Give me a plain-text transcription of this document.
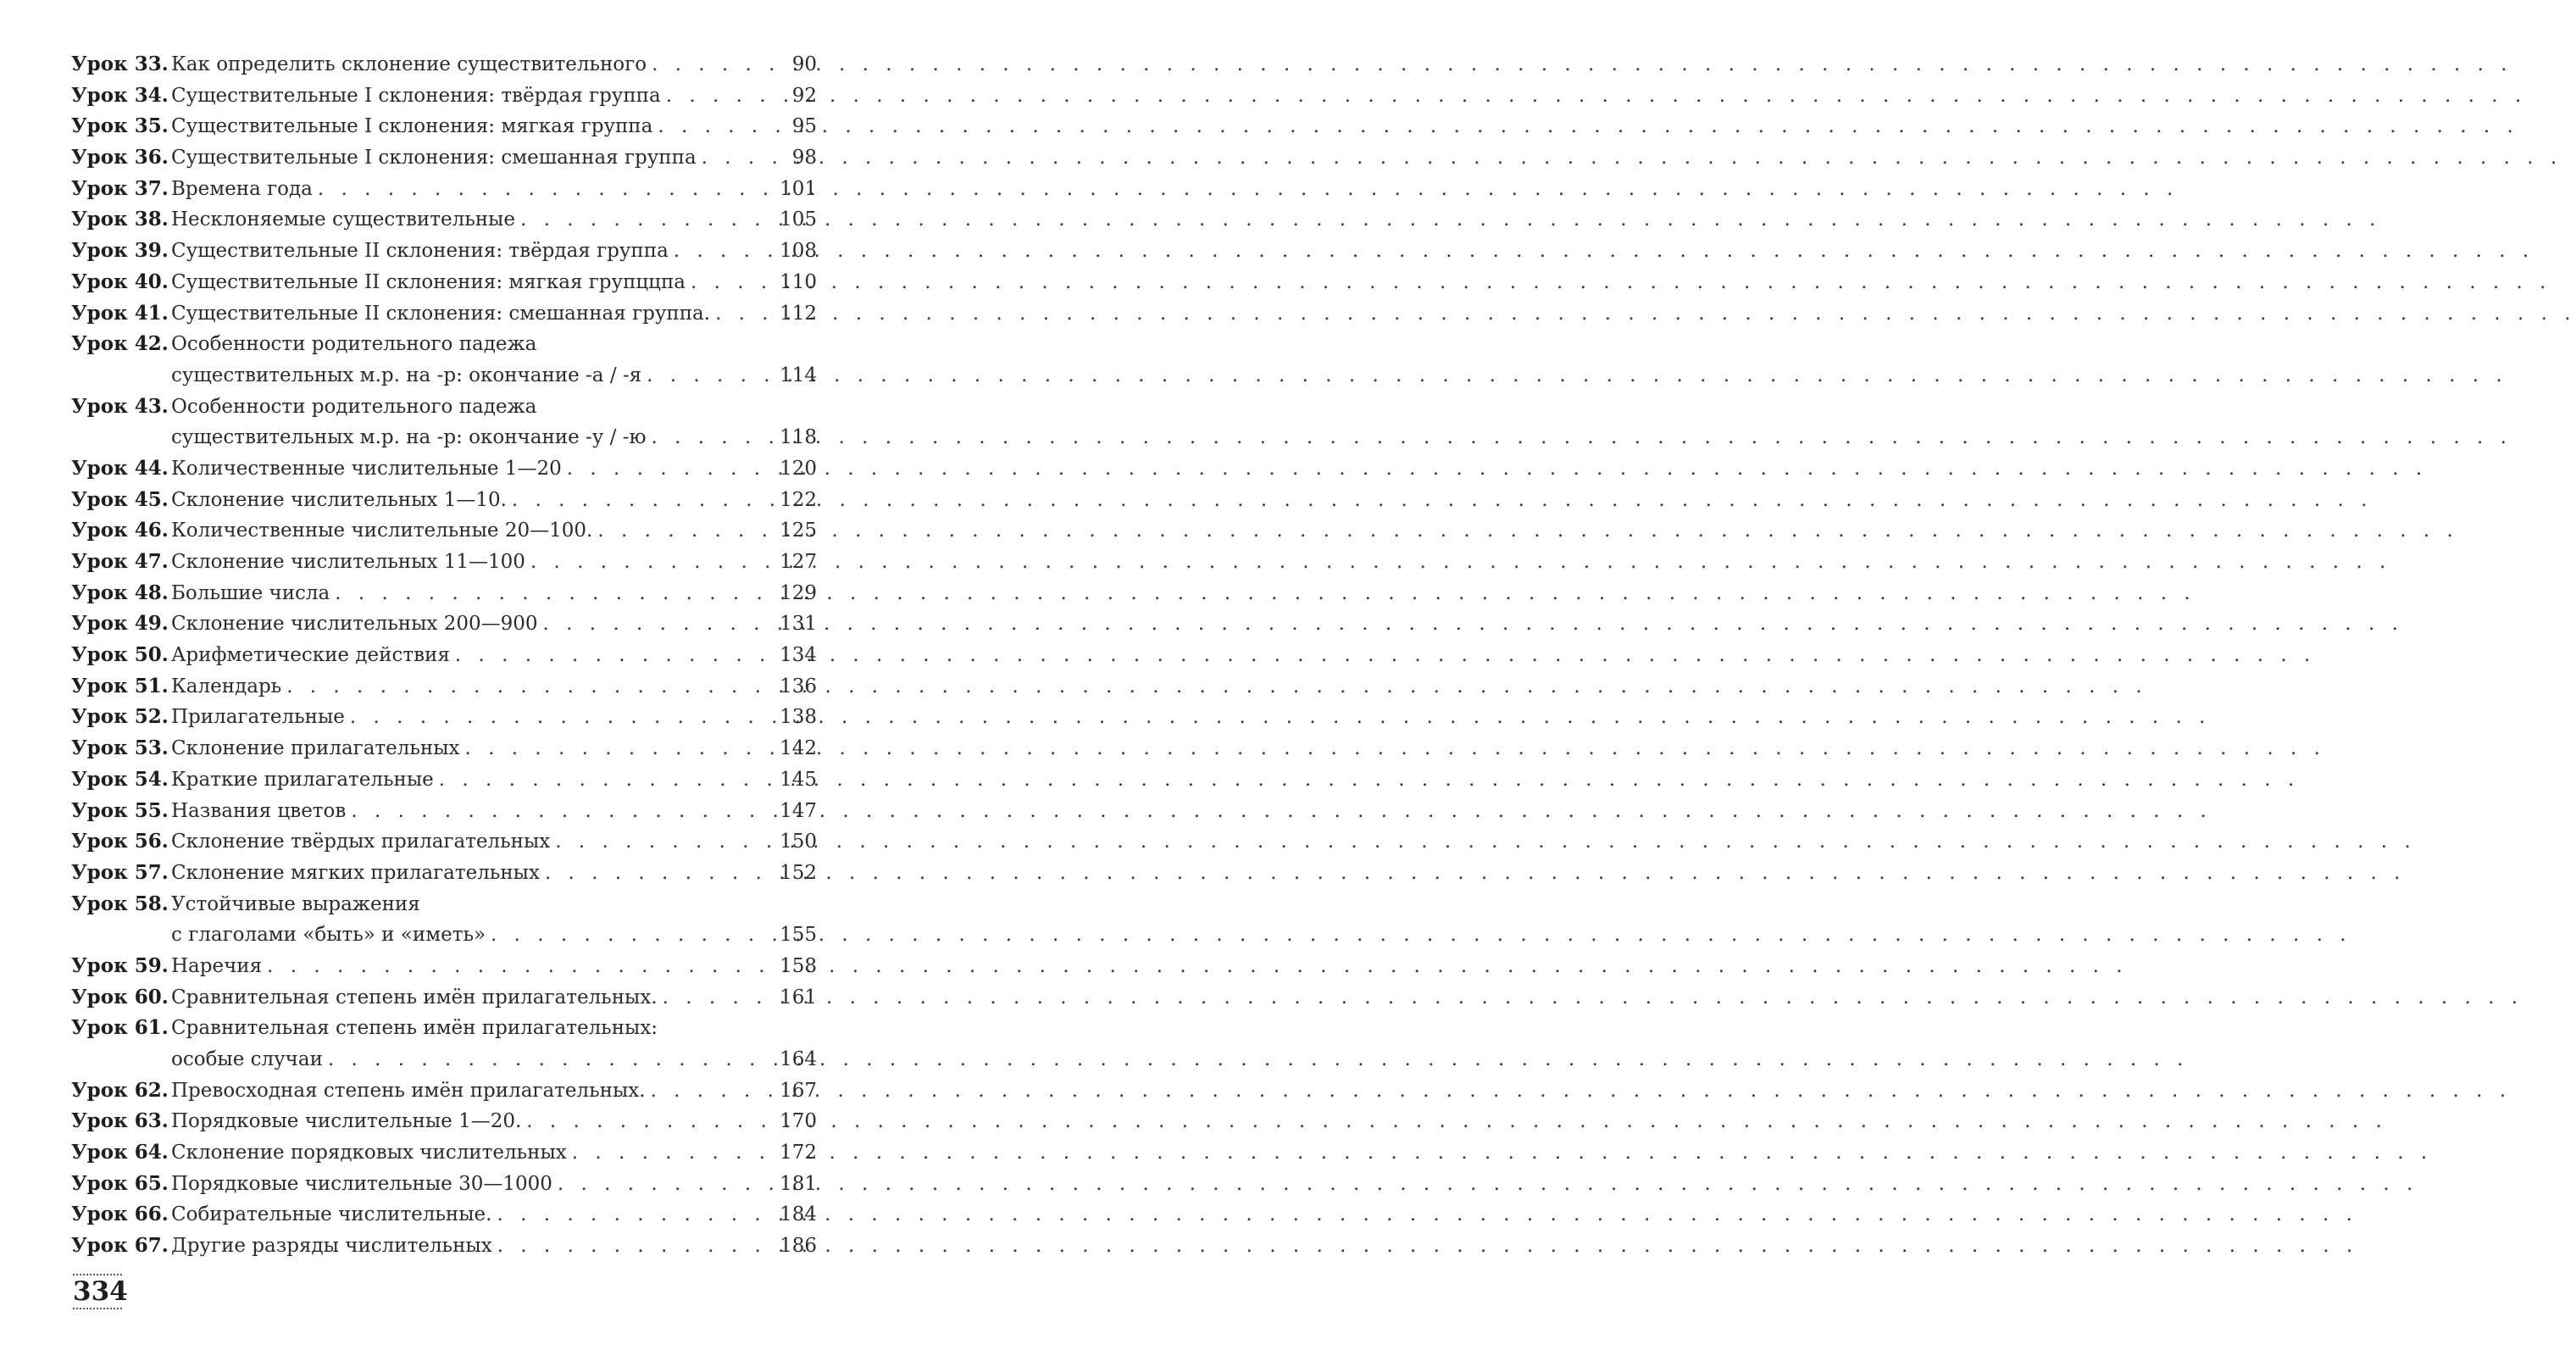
Урок 33. Как определить склонение существительного . . .	90
Урок 34. Существительные I склонения: твёрдая группа . . .	92
Урок 35. Существительные I склонения: мягкая группа . . .	95
Урок 36. Существительные I склонения: смешанная группа . . .	98
Урок 37. Времена года . . .	101
Урок 38. Несклоняемые существительные . . .	105
Урок 39. Существительные II склонения: твёрдая группа . . .	108
Урок 40. Существительные II склонения: мягкая групццпа . . .	110
Урок 41. Существительные II склонения: смешанная группа. . . .	112
Урок 42. Особенности родительного падежа
существительных м.р. на -р: окончание -а / -я . . .	114
Урок 43. Особенности родительного падежа
существительных м.р. на -р: окончание -у / -ю . . .	118
Урок 44. Количественные числительные 1—20 . . .	120
Урок 45. Склонение числительных 1—10. . . .	122
Урок 46. Количественные числительные 20—100. . . .	125
Урок 47. Склонение числительных 11—100 . . .	127
Урок 48. Большие числа . . .	129
Урок 49. Склонение числительных 200—900 . . .	131
Урок 50. Арифметические действия . . .	134
Урок 51. Календарь . . .	136
Урок 52. Прилагательные . . .	138
Урок 53. Склонение прилагательных . . .	142
Урок 54. Краткие прилагательные . . .	145
Урок 55. Названия цветов . . .	147
Урок 56. Склонение твёрдых прилагательных . . .	150
Урок 57. Склонение мягких прилагательных . . .	152
Урок 58. Устойчивые выражения
с глаголами «быть» и «иметь» . . .	155
Урок 59. Наречия . . .	158
Урок 60. Сравнительная степень имён прилагательных. . . .	161
Урок 61. Сравнительная степень имён прилагательных:
особые случаи . . .	164
Урок 62. Превосходная степень имён прилагательных. . . .	167
Урок 63. Порядковые числительные 1—20. . . .	170
Урок 64. Склонение порядковых числительных . . .	172
Урок 65. Порядковые числительные 30—1000 . . .	181
Урок 66. Собирательные числительные. . . .	184
Урок 67. Другие разряды числительных . . .	186
334
